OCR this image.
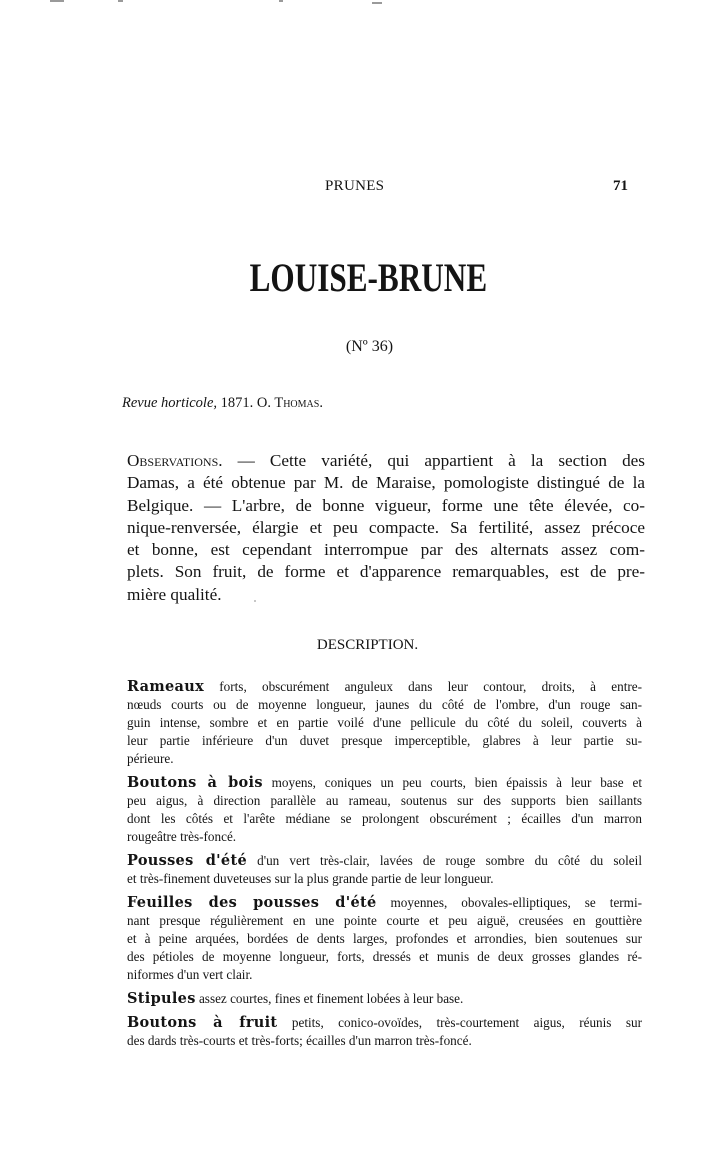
PRUNES	71
LOUISE-BRUNE
(Nº 36)
Revue horticole, 1871. O. Thomas.
Observations. — Cette variété, qui appartient à la section des
Damas, a été obtenue par M. de Maraise, pomologiste distingué de la
Belgique. — L'arbre, de bonne vigueur, forme une tête élevée, co-
nique-renversée, élargie et peu compacte. Sa fertilité, assez précoce
et bonne, est cependant interrompue par des alternats assez com-
plets. Son fruit, de forme et d'apparence remarquables, est de pre-
mière qualité.
DESCRIPTION.
Rameaux forts, obscurément anguleux dans leur contour, droits, à entre-
nœuds courts ou de moyenne longueur, jaunes du côté de l'ombre, d'un rouge san-
guin intense, sombre et en partie voilé d'une pellicule du côté du soleil, couverts à
leur partie inférieure d'un duvet presque imperceptible, glabres à leur partie su-
périeure.
Boutons à bois moyens, coniques un peu courts, bien épaissis à leur base et
peu aigus, à direction parallèle au rameau, soutenus sur des supports bien saillants
dont les côtés et l'arête médiane se prolongent obscurément ; écailles d'un marron
rougeâtre très-foncé.
Pousses d'été d'un vert très-clair, lavées de rouge sombre du côté du soleil
et très-finement duveteuses sur la plus grande partie de leur longueur.
Feuilles des pousses d'été moyennes, obovales-elliptiques, se termi-
nant presque régulièrement en une pointe courte et peu aiguë, creusées en gouttière
et à peine arquées, bordées de dents larges, profondes et arrondies, bien soutenues sur
des pétioles de moyenne longueur, forts, dressés et munis de deux grosses glandes ré-
niformes d'un vert clair.
Stipules assez courtes, fines et finement lobées à leur base.
Boutons à fruit petits, conico-ovoïdes, très-courtement aigus, réunis sur
des dards très-courts et très-forts; écailles d'un marron très-foncé.
